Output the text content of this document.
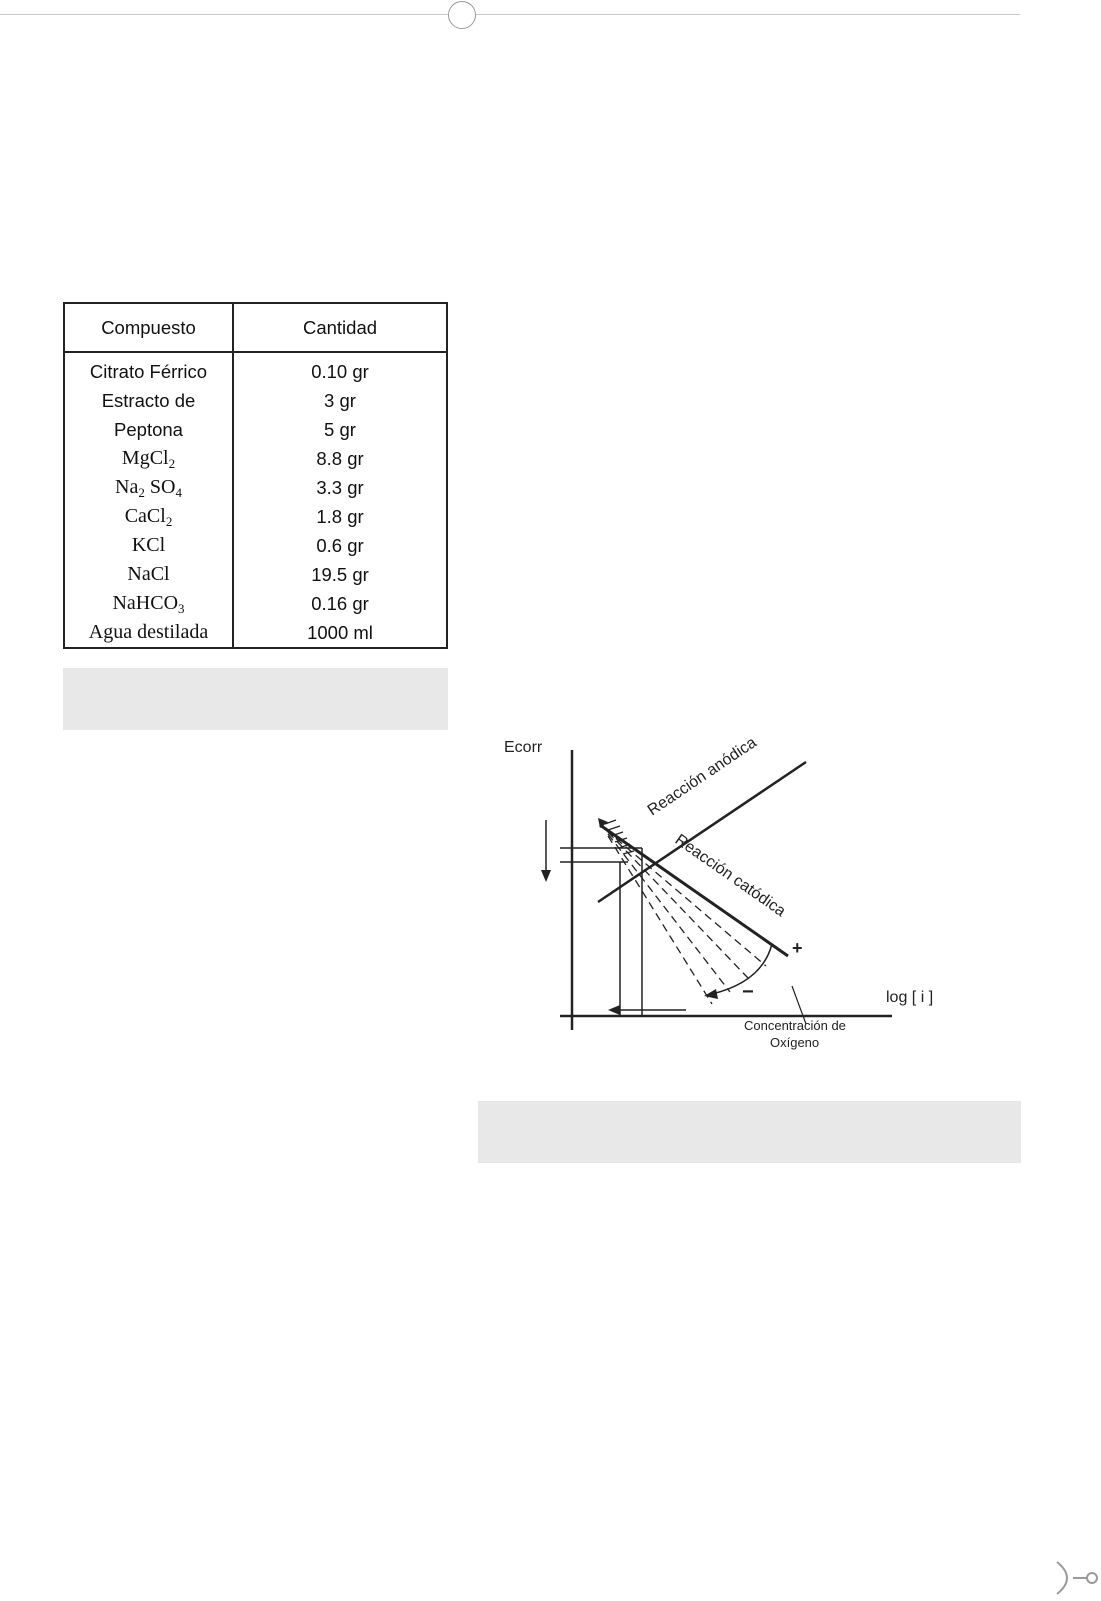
Compuesto	Cantidad
Citrato Férrico	0.10 gr
Estracto de	3 gr
Peptona	5 gr
MgCl$_2$	8.8 gr
$Na_2$ $SO_4$	3.3 gr
CaCl$_2$	1.8 gr
KCl	0.6 gr
NaCl	19.5 gr
NaHCO$_3$	0.16 gr
Agua destilada	1000 ml
Ecorr
log [ i ]
Reacción anódica
Reacción catódica
+
−
Concentración de
Oxígeno
